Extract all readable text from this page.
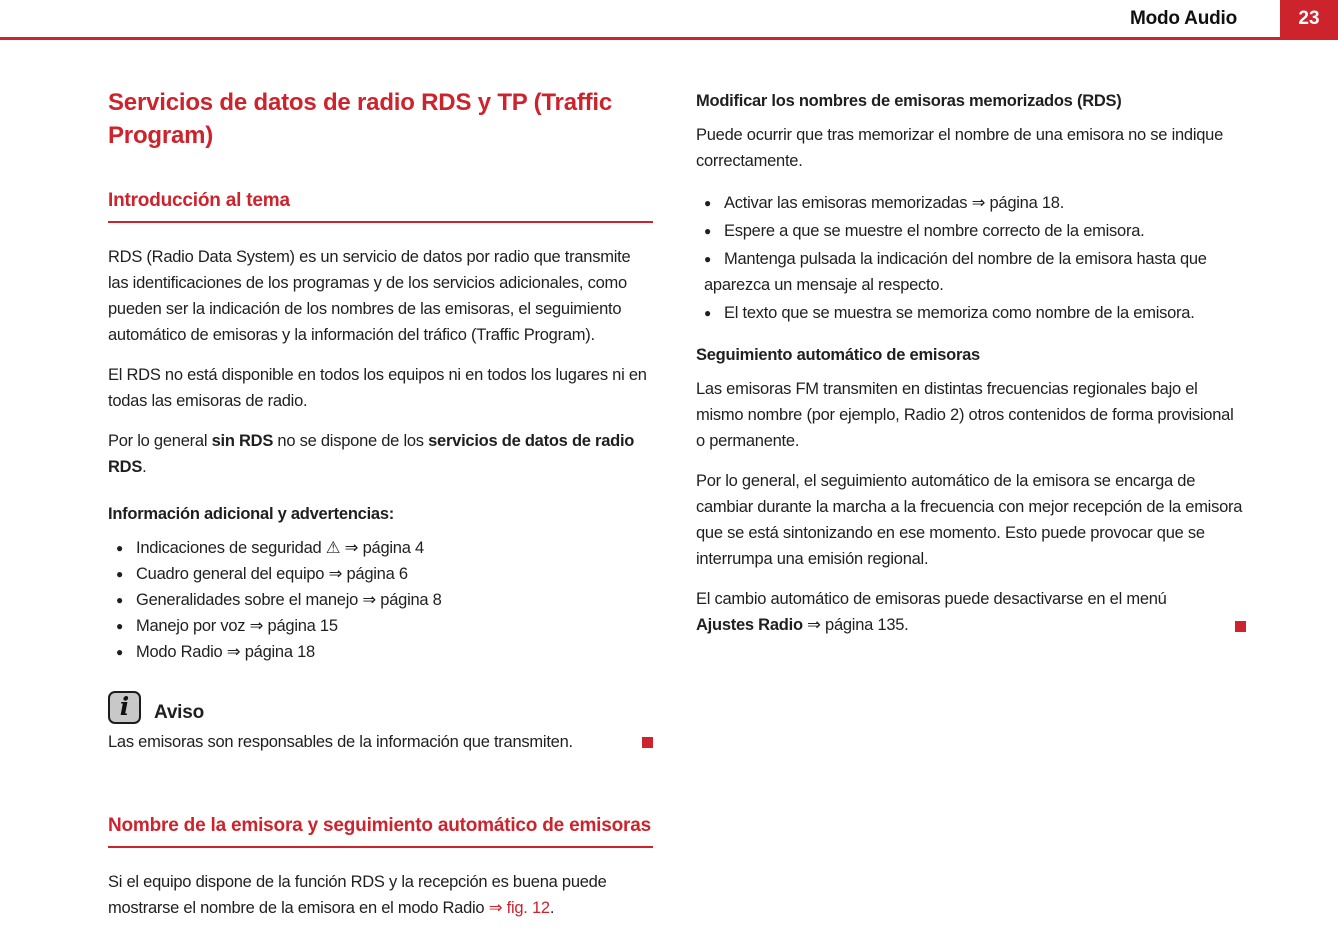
Modo Audio	23
Servicios de datos de radio RDS y TP (Traffic Program)
Introducción al tema

RDS (Radio Data System) es un servicio de datos por radio que transmite las identificaciones de los programas y de los servicios adicionales, como pueden ser la indicación de los nombres de las emisoras, el seguimiento automático de emisoras y la información del tráfico (Traffic Program).

El RDS no está disponible en todos los equipos ni en todos los lugares ni en todas las emisoras de radio.

Por lo general sin RDS no se dispone de los servicios de datos de radio RDS.

Información adicional y advertencias:

● Indicaciones de seguridad ⚠ ⇒ página 4
● Cuadro general del equipo ⇒ página 6
● Generalidades sobre el manejo ⇒ página 8
● Manejo por voz ⇒ página 15
● Modo Radio ⇒ página 18
i Aviso
Las emisoras son responsables de la información que transmiten.
Nombre de la emisora y seguimiento automático de emisoras

Si el equipo dispone de la función RDS y la recepción es buena puede mostrarse el nombre de la emisora en el modo Radio ⇒ fig. 12.

Modificar los nombres de emisoras memorizados (RDS)

Puede ocurrir que tras memorizar el nombre de una emisora no se indique correctamente.

● Activar las emisoras memorizadas ⇒ página 18.
● Espere a que se muestre el nombre correcto de la emisora.
● Mantenga pulsada la indicación del nombre de la emisora hasta que aparezca un mensaje al respecto.
● El texto que se muestra se memoriza como nombre de la emisora.

Seguimiento automático de emisoras

Las emisoras FM transmiten en distintas frecuencias regionales bajo el mismo nombre (por ejemplo, Radio 2) otros contenidos de forma provisional o permanente.

Por lo general, el seguimiento automático de la emisora se encarga de cambiar durante la marcha a la frecuencia con mejor recepción de la emisora que se está sintonizando en ese momento. Esto puede provocar que se interrumpa una emisión regional.

El cambio automático de emisoras puede desactivarse en el menú Ajustes Radio ⇒ página 135.
